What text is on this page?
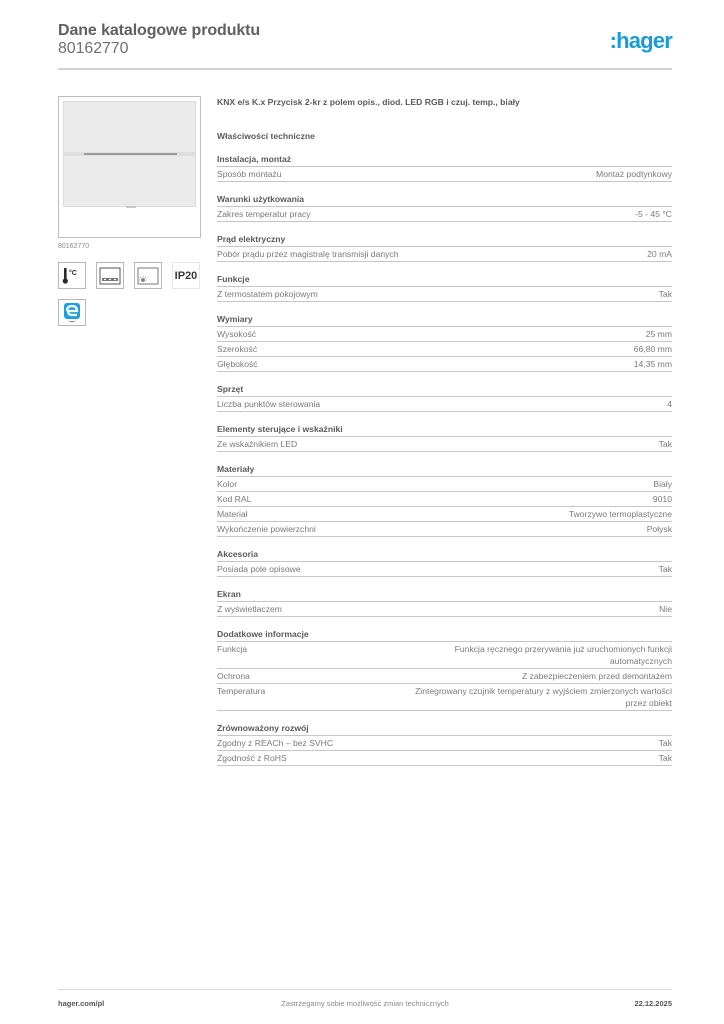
Dane katalogowe produktu
80162770	:hager
80162770
°C	IP20
KNX e/s K.x Przycisk 2-kr z polem opis., diod. LED RGB i czuj. temp., biały
Właściwości techniczne
Instalacja, montaż
Sposób montażu	Montaż podtynkowy
Warunki użytkowania
Zakres temperatur pracy	-5 - 45 °C
Prąd elektryczny
Pobór prądu przez magistralę transmisji danych	20 mA
Funkcje
Z termostatem pokojowym	Tak
Wymiary
Wysokość	25 mm
Szerokość	66,80 mm
Głębokość	14,35 mm
Sprzęt
Liczba punktów sterowania	4
Elementy sterujące i wskaźniki
Ze wskaźnikiem LED	Tak
Materiały
Kolor	Biały
Kod RAL	9010
Materiał	Tworzywo termoplastyczne
Wykończenie powierzchni	Połysk
Akcesoria
Posiada pole opisowe	Tak
Ekran
Z wyświetlaczem	Nie
Dodatkowe informacje
Funkcja	Funkcja ręcznego przerywania już uruchomionych funkcji automatycznych
Ochrona	Z zabezpieczeniem przed demontażem
Temperatura	Zintegrowany czujnik temperatury z wyjściem zmierzonych wartości przez obiekt
Zrównoważony rozwój
Zgodny z REACh – bez SVHC	Tak
Zgodność z RoHS	Tak
hager.com/pl	Zastrzegamy sobie możliwość zmian technicznych	22.12.2025
